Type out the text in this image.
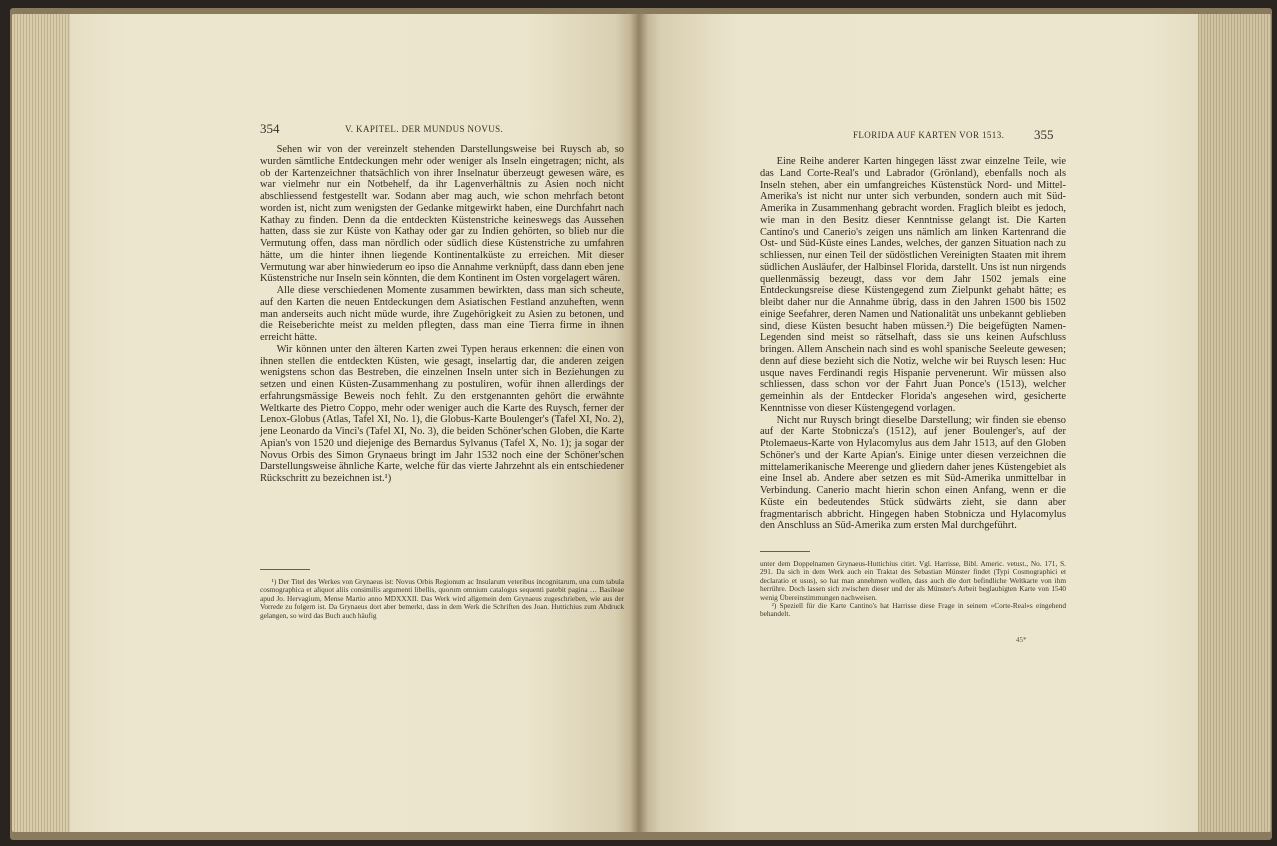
354	V. KAPITEL. DER MUNDUS NOVUS.

Sehen wir von der vereinzelt stehenden Darstellungsweise bei Ruysch ab, so wurden sämtliche Entdeckungen mehr oder weniger als Inseln eingetragen; nicht, als ob der Kartenzeichner thatsächlich von ihrer Inselnatur überzeugt gewesen wäre, es war vielmehr nur ein Notbehelf, da ihr Lagenverhältnis zu Asien noch nicht abschliessend festgestellt war. Sodann aber mag auch, wie schon mehrfach betont worden ist, nicht zum wenigsten der Gedanke mitgewirkt haben, eine Durchfahrt nach Kathay zu finden. Denn da die entdeckten Küstenstriche keineswegs das Aussehen hatten, dass sie zur Küste von Kathay oder gar zu Indien gehörten, so blieb nur die Vermutung offen, dass man nördlich oder südlich diese Küstenstriche zu umfahren hätte, um die hinter ihnen liegende Kontinentalküste zu erreichen. Mit dieser Vermutung war aber hinwiederum eo ipso die Annahme verknüpft, dass dann eben jene Küstenstriche nur Inseln sein könnten, die dem Kontinent im Osten vorgelagert wären.

Alle diese verschiedenen Momente zusammen bewirkten, dass man sich scheute, auf den Karten die neuen Entdeckungen dem Asiatischen Festland anzuheften, wenn man anderseits auch nicht müde wurde, ihre Zugehörigkeit zu Asien zu betonen, und die Reiseberichte meist zu melden pflegten, dass man eine Tierra firme in ihnen erreicht hätte.

Wir können unter den älteren Karten zwei Typen heraus erkennen: die einen von ihnen stellen die entdeckten Küsten, wie gesagt, inselartig dar, die anderen zeigen wenigstens schon das Bestreben, die einzelnen Inseln unter sich in Beziehungen zu setzen und einen Küsten-Zusammenhang zu postuliren, wofür ihnen allerdings der erfahrungsmässige Beweis noch fehlt. Zu den erstgenannten gehört die erwähnte Weltkarte des Pietro Coppo, mehr oder weniger auch die Karte des Ruysch, ferner der Lenox-Globus (Atlas, Tafel XI, No. 1), die Globus-Karte Boulenger's (Tafel XI, No. 2), jene Leonardo da Vinci's (Tafel XI, No. 3), die beiden Schöner'schen Globen, die Karte Apian's von 1520 und diejenige des Bernardus Sylvanus (Tafel X, No. 1); ja sogar der Novus Orbis des Simon Grynaeus bringt im Jahr 1532 noch eine der Schöner'schen Darstellungsweise ähnliche Karte, welche für das vierte Jahrzehnt als ein entschiedener Rückschritt zu bezeichnen ist.¹)

¹) Der Titel des Werkes von Grynaeus ist: Novus Orbis Regionum ac Insularum veteribus incognitarum, una cum tabula cosmographica et aliquot aliis consimilis argumenti libellis, quorum omnium catalogus sequenti patebit pagina … Basileae apud Jo. Hervagium, Mense Martio anno MDXXXII. Das Werk wird allgemein dem Grynaeus zugeschrieben, wie aus der Vorrede zu folgern ist. Da Grynaeus dort aber bemerkt, dass in dem Werk die Schriften des Joan. Huttichius zum Abdruck gelangen, so wird das Buch auch häufig

FLORIDA AUF KARTEN VOR 1513. 355

Eine Reihe anderer Karten hingegen lässt zwar einzelne Teile, wie das Land Corte-Real's und Labrador (Grönland), ebenfalls noch als Inseln stehen, aber ein umfangreiches Küstenstück Nord- und Mittel-Amerika's ist nicht nur unter sich verbunden, sondern auch mit Süd-Amerika in Zusammenhang gebracht worden. Fraglich bleibt es jedoch, wie man in den Besitz dieser Kenntnisse gelangt ist. Die Karten Cantino's und Canerio's zeigen uns nämlich am linken Kartenrand die Ost- und Süd-Küste eines Landes, welches, der ganzen Situation nach zu schliessen, nur einen Teil der südöstlichen Vereinigten Staaten mit ihrem südlichen Ausläufer, der Halbinsel Florida, darstellt. Uns ist nun nirgends quellenmässig bezeugt, dass vor dem Jahr 1502 jemals eine Entdeckungsreise diese Küstengegend zum Zielpunkt gehabt hätte; es bleibt daher nur die Annahme übrig, dass in den Jahren 1500 bis 1502 einige Seefahrer, deren Namen und Nationalität uns unbekannt geblieben sind, diese Küsten besucht haben müssen.²) Die beigefügten Namen-Legenden sind meist so rätselhaft, dass sie uns keinen Aufschluss bringen. Allem Anschein nach sind es wohl spanische Seeleute gewesen; denn auf diese bezieht sich die Notiz, welche wir bei Ruysch lesen: Huc usque naves Ferdinandi regis Hispanie pervenerunt. Wir müssen also schliessen, dass schon vor der Fahrt Juan Ponce's (1513), welcher gemeinhin als der Entdecker Florida's angesehen wird, gesicherte Kenntnisse von dieser Küstengegend vorlagen.

Nicht nur Ruysch bringt dieselbe Darstellung; wir finden sie ebenso auf der Karte Stobnicza's (1512), auf jener Boulenger's, auf der Ptolemaeus-Karte von Hylacomylus aus dem Jahr 1513, auf den Globen Schöner's und der Karte Apian's. Einige unter diesen verzeichnen die mittelamerikanische Meerenge und gliedern daher jenes Küstengebiet als eine Insel ab. Andere aber setzen es mit Süd-Amerika unmittelbar in Verbindung. Canerio macht hierin schon einen Anfang, wenn er die Küste ein bedeutendes Stück südwärts zieht, sie dann aber fragmentarisch abbricht. Hingegen haben Stobnicza und Hylacomylus den Anschluss an Süd-Amerika zum ersten Mal durchgeführt.

unter dem Doppelnamen Grynaeus-Huttichius citirt. Vgl. Harrisse, Bibl. Americ. vetust., No. 171, S. 291. Da sich in dem Werk auch ein Traktat des Sebastian Münster findet (Typi Cosmographici et declaratio et usus), so hat man annehmen wollen, dass auch die dort befindliche Weltkarte von ihm herrühre. Doch lassen sich zwischen dieser und der als Münster's Arbeit beglaubigten Karte von 1540 wenig Übereinstimmungen nachweisen.

²) Speziell für die Karte Cantino's hat Harrisse diese Frage in seinem »Corte-Real«s eingehend behandelt.

45*
